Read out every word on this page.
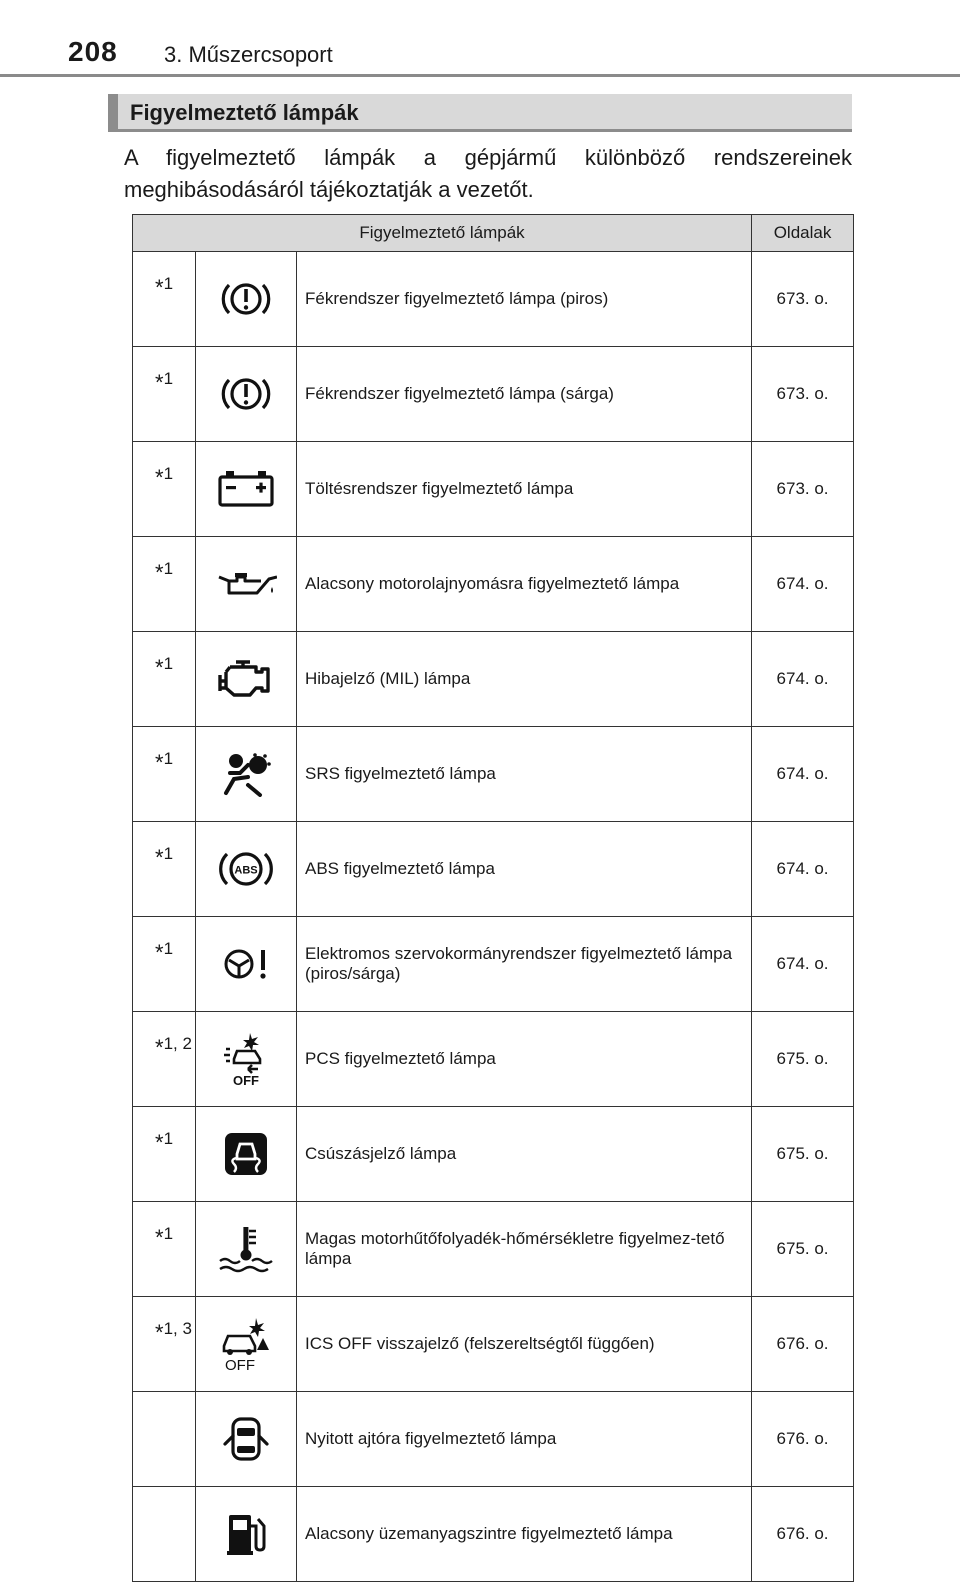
208 3. Műszercsoport
Figyelmeztető lámpák
A figyelmeztető lámpák a gépjármű különböző rendszereinek meghibásodásáról tájékoztatják a vezetőt.
Figyelmeztető lámpák			Oldalak
*1		Fékrendszer figyelmeztető lámpa (piros)	673. o.
*1		Fékrendszer figyelmeztető lámpa (sárga)	673. o.
*1		Töltésrendszer figyelmeztető lámpa	673. o.
*1		Alacsony motorolajnyomásra figyelmeztető lámpa	674. o.
*1		Hibajelző (MIL) lámpa	674. o.
*1		SRS figyelmeztető lámpa	674. o.
*1	ABS	ABS figyelmeztető lámpa	674. o.
*1		Elektromos szervokormányrendszer figyelmeztető lámpa (piros/sárga)	674. o.
*1, 2	OFF	PCS figyelmeztető lámpa	675. o.
*1		Csúszásjelző lámpa	675. o.
*1		Magas motorhűtőfolyadék-hőmérsékletre figyelmez-tető lámpa	675. o.
*1, 3	OFF	ICS OFF visszajelző (felszereltségtől függően)	676. o.
		Nyitott ajtóra figyelmeztető lámpa	676. o.
		Alacsony üzemanyagszintre figyelmeztető lámpa	676. o.
